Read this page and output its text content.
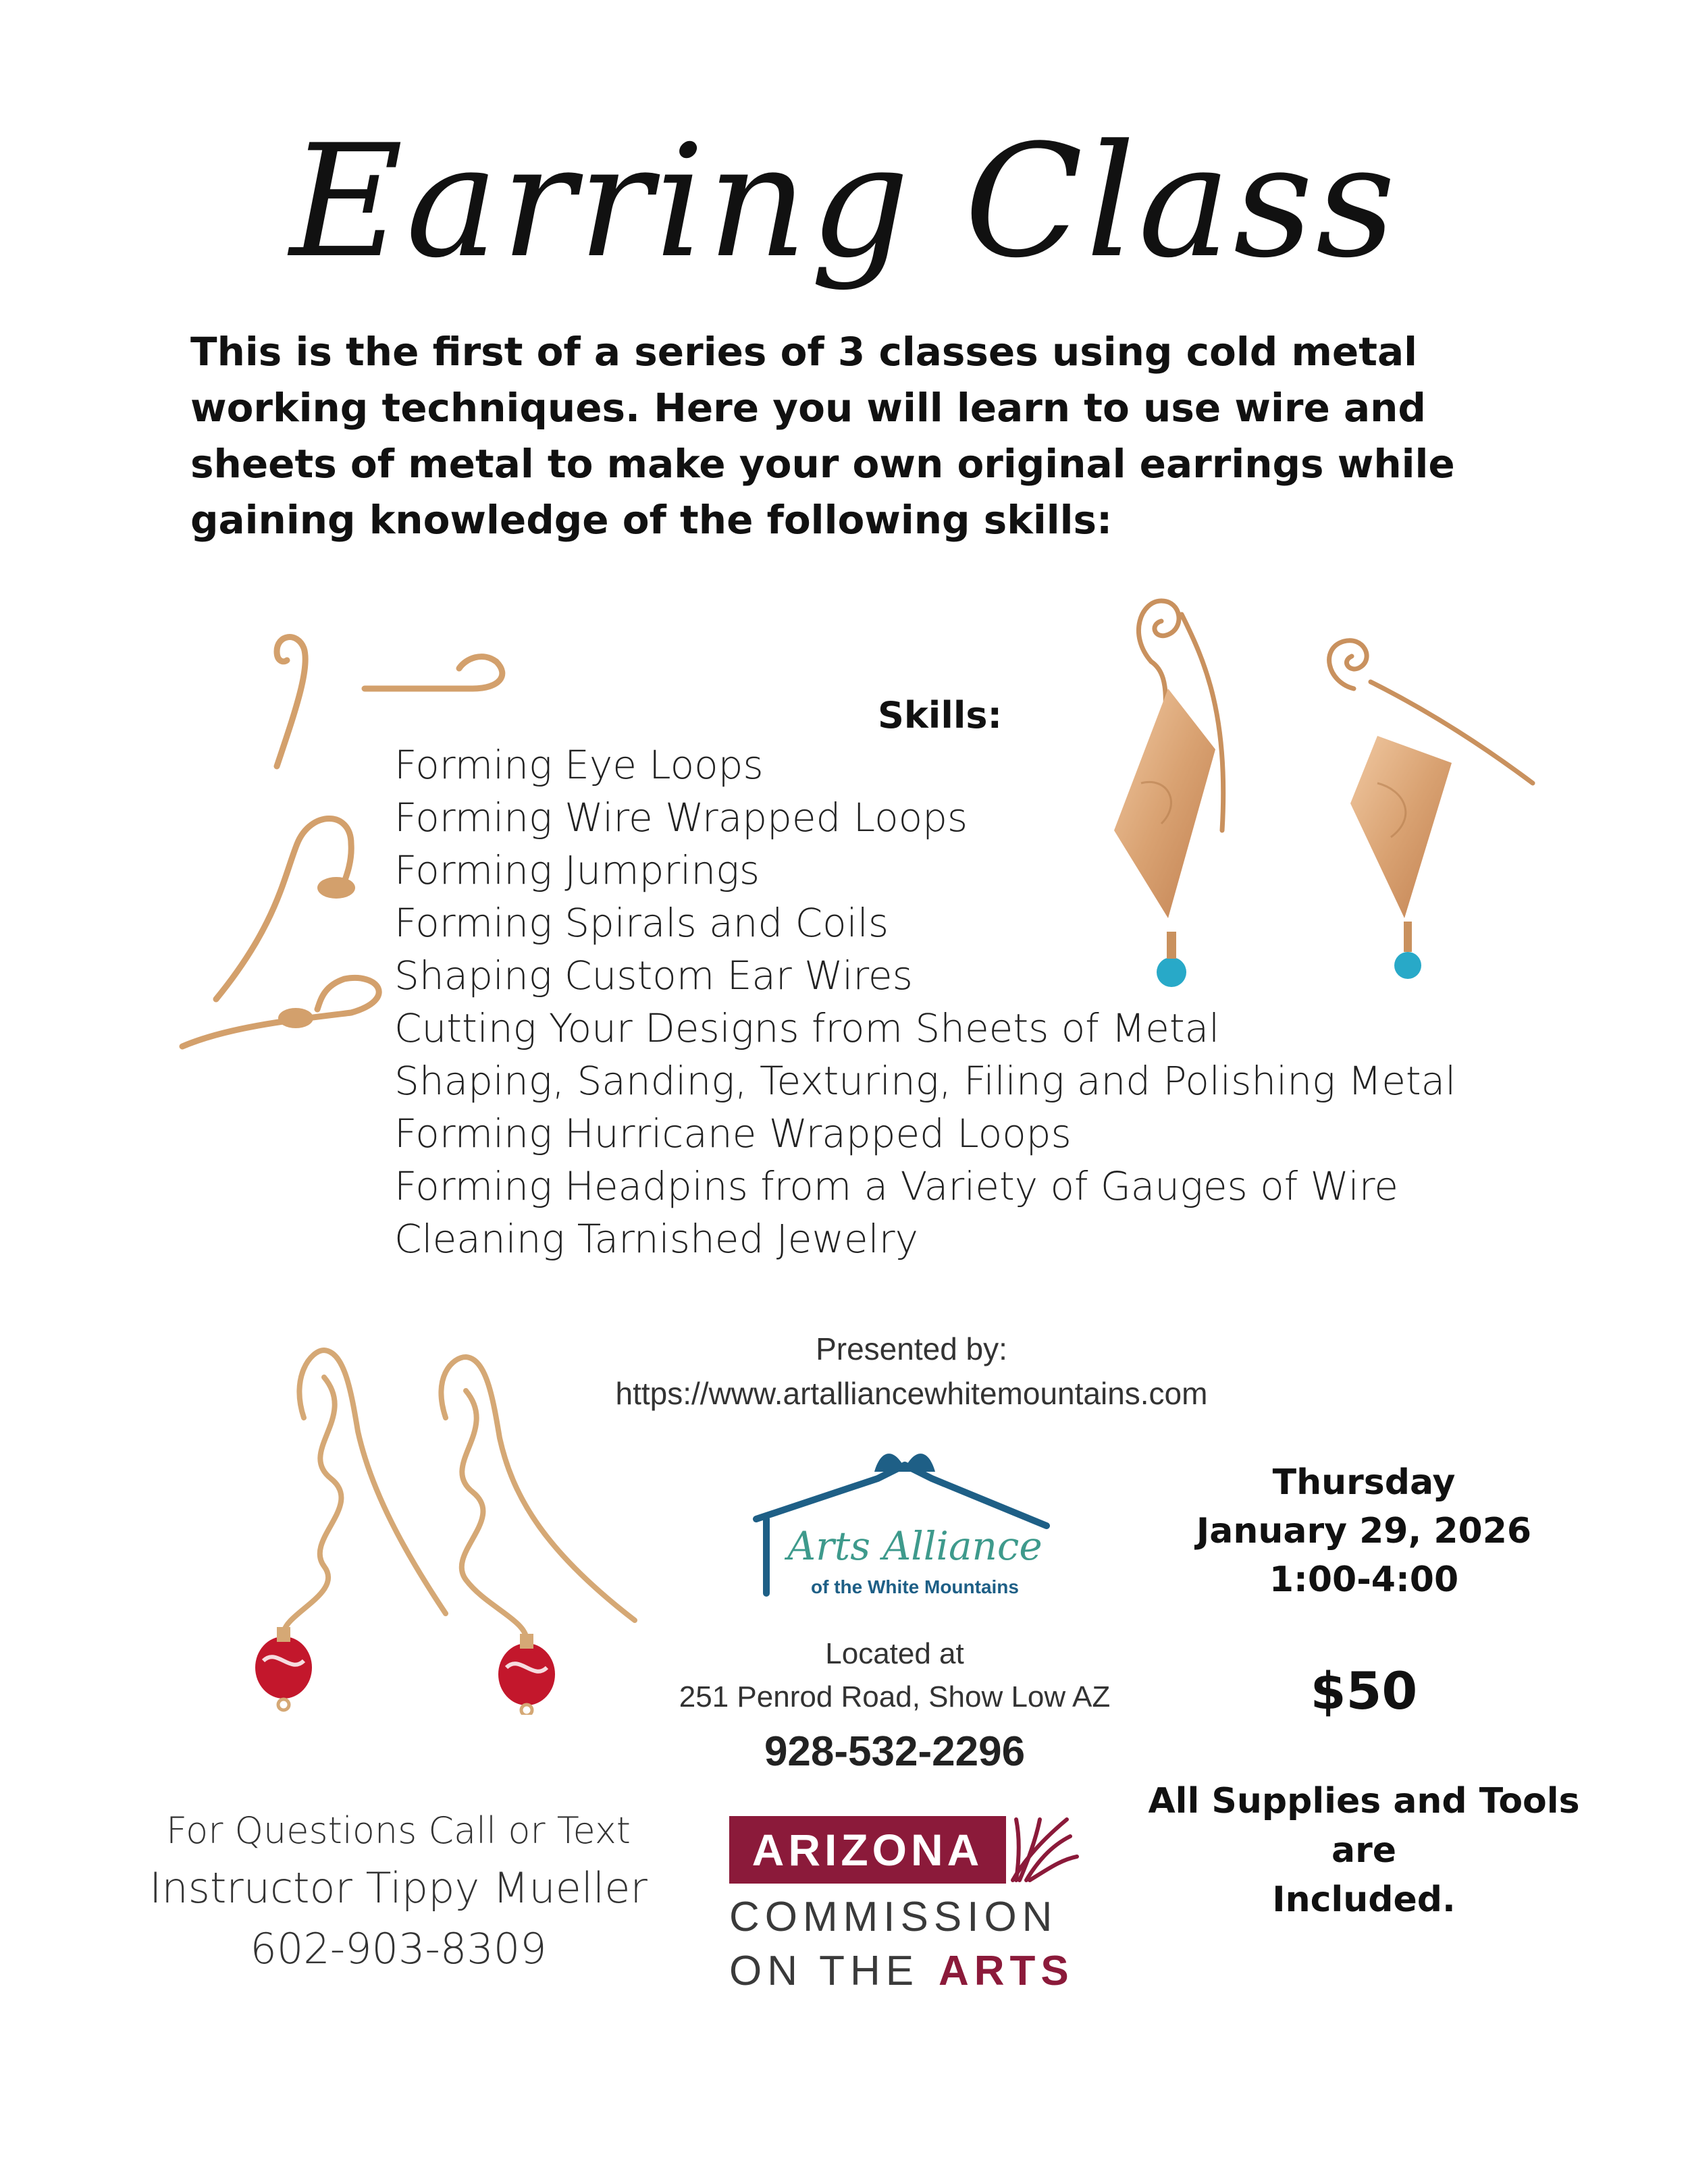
Earring Class
This is the first of a series of 3 classes using cold metal working techniques. Here you will learn to use wire and sheets of metal to make your own original earrings while gaining knowledge of the following skills:
Skills:
Forming Eye Loops
Forming Wire Wrapped Loops
Forming Jumprings
Forming Spirals and Coils
Shaping Custom Ear Wires
Cutting Your Designs from Sheets of Metal
Shaping, Sanding, Texturing, Filing and Polishing Metal
Forming Hurricane Wrapped Loops
Forming Headpins from a Variety of Gauges of Wire
Cleaning Tarnished Jewelry
Presented by:
https://www.artalliancewhitemountains.com
Arts Alliance
of the White Mountains
Located at
251 Penrod Road, Show Low AZ
928-532-2296
Thursday
January 29, 2026
1:00-4:00
$50
All Supplies and Tools
are
Included.
For Questions Call or Text
Instructor Tippy Mueller
602-903-8309
ARIZONA
COMMISSION
ON THE ARTS
